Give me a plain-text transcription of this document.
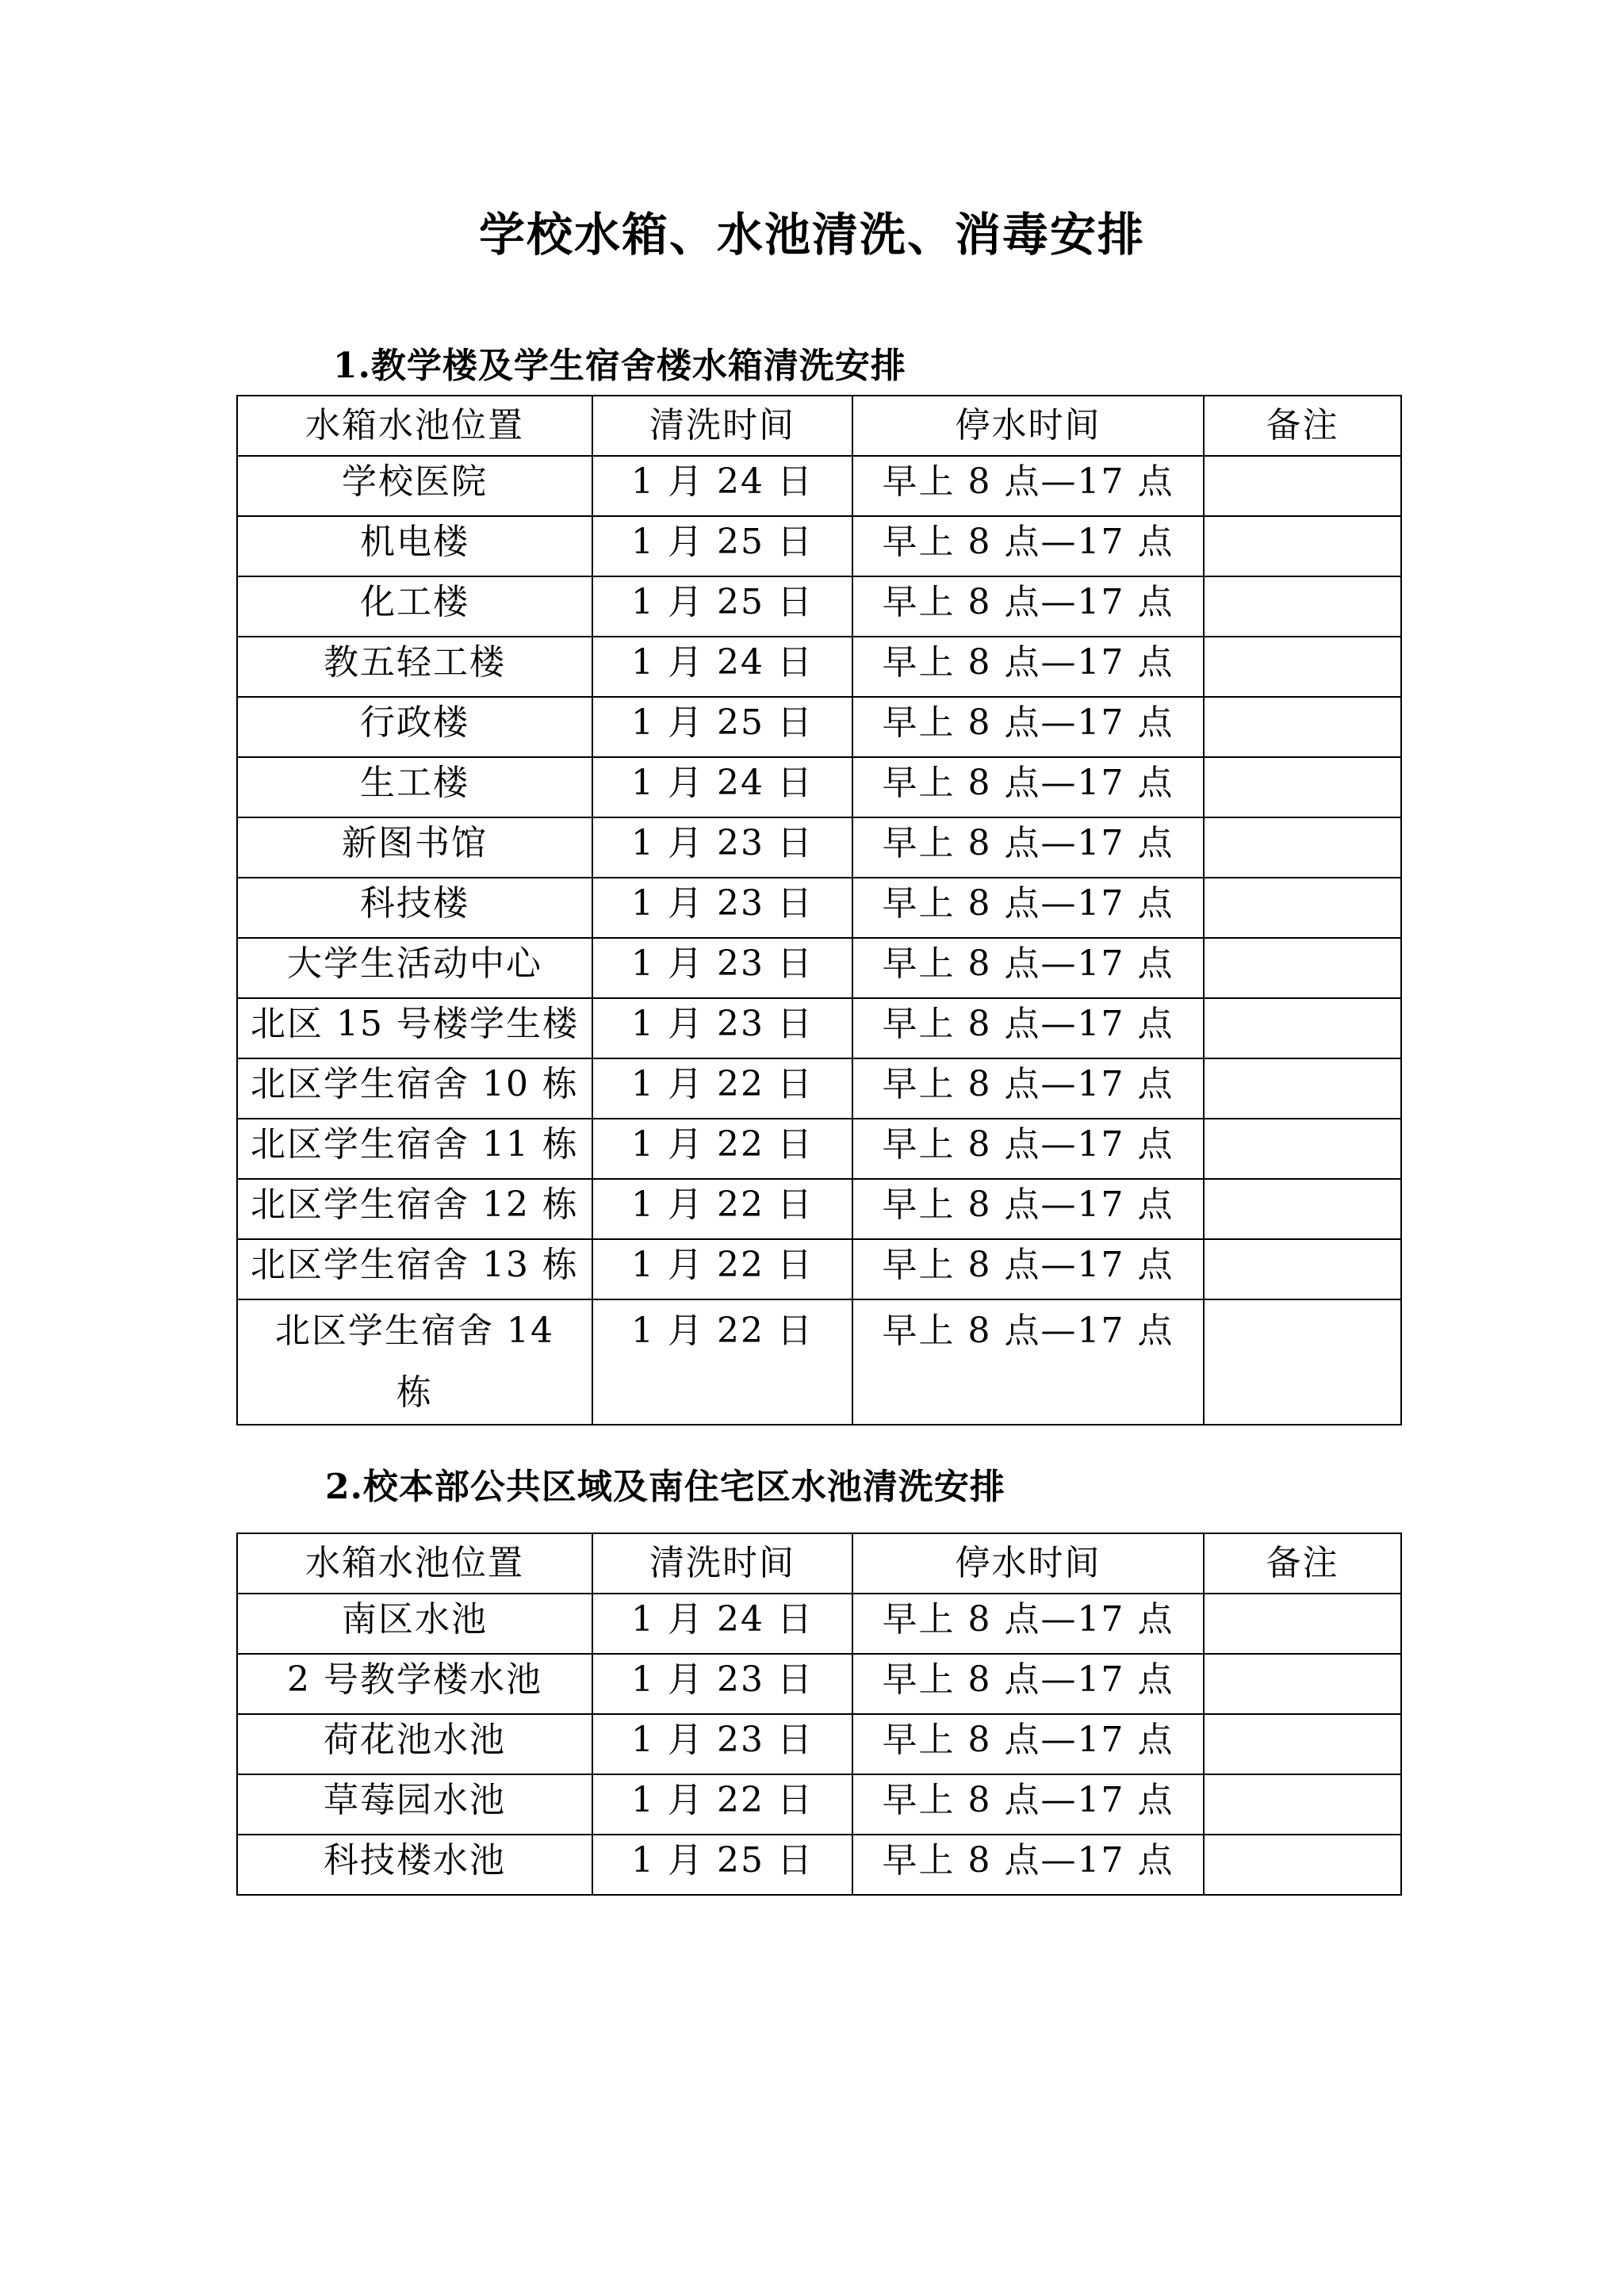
学校水箱、水池清洗、消毒安排
1.教学楼及学生宿舍楼水箱清洗安排
水箱水池位置	清洗时间	停水时间	备注
学校医院	1 月 24 日	早上 8 点—17 点	
机电楼	1 月 25 日	早上 8 点—17 点	
化工楼	1 月 25 日	早上 8 点—17 点	
教五轻工楼	1 月 24 日	早上 8 点—17 点	
行政楼	1 月 25 日	早上 8 点—17 点	
生工楼	1 月 24 日	早上 8 点—17 点	
新图书馆	1 月 23 日	早上 8 点—17 点	
科技楼	1 月 23 日	早上 8 点—17 点	
大学生活动中心	1 月 23 日	早上 8 点—17 点	
北区 15 号楼学生楼	1 月 23 日	早上 8 点—17 点	
北区学生宿舍 10 栋	1 月 22 日	早上 8 点—17 点	
北区学生宿舍 11 栋	1 月 22 日	早上 8 点—17 点	
北区学生宿舍 12 栋	1 月 22 日	早上 8 点—17 点	
北区学生宿舍 13 栋	1 月 22 日	早上 8 点—17 点	
北区学生宿舍 14 栋	1 月 22 日	早上 8 点—17 点	
2.校本部公共区域及南住宅区水池清洗安排
水箱水池位置	清洗时间	停水时间	备注
南区水池	1 月 24 日	早上 8 点—17 点	
2 号教学楼水池	1 月 23 日	早上 8 点—17 点	
荷花池水池	1 月 23 日	早上 8 点—17 点	
草莓园水池	1 月 22 日	早上 8 点—17 点	
科技楼水池	1 月 25 日	早上 8 点—17 点	
